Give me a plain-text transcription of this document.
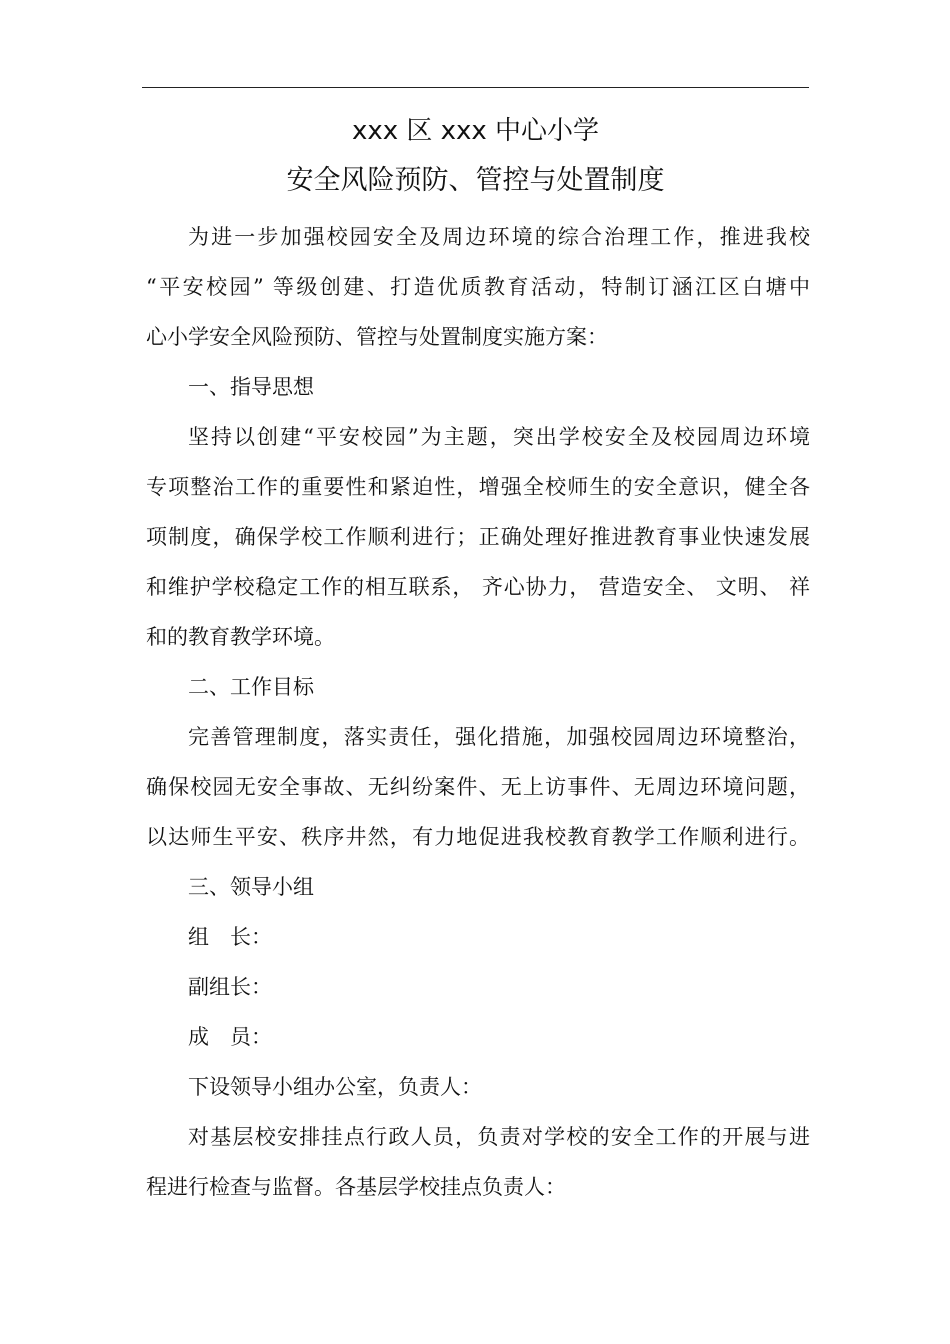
xxx 区 xxx 中心小学
安全风险预防、管控与处置制度
为进一步加强校园安全及周边环境的综合治理工作，推进我校
“平安校园” 等级创建、打造优质教育活动，特制订涵江区白塘中
心小学安全风险预防、管控与处置制度实施方案：
一、指导思想
坚持以创建“平安校园”为主题，突出学校安全及校园周边环境
专项整治工作的重要性和紧迫性，增强全校师生的安全意识，健全各
项制度，确保学校工作顺利进行；正确处理好推进教育事业快速发展
和维护学校稳定工作的相互联系， 齐心协力， 营造安全、 文明、 祥
和的教育教学环境。
二、工作目标
完善管理制度，落实责任，强化措施，加强校园周边环境整治，
确保校园无安全事故、无纠纷案件、无上访事件、无周边环境问题，
以达师生平安、秩序井然，有力地促进我校教育教学工作顺利进行。
三、领导小组
组　长：
副组长：
成　员：
下设领导小组办公室，负责人：
对基层校安排挂点行政人员，负责对学校的安全工作的开展与进
程进行检查与监督。各基层学校挂点负责人：
